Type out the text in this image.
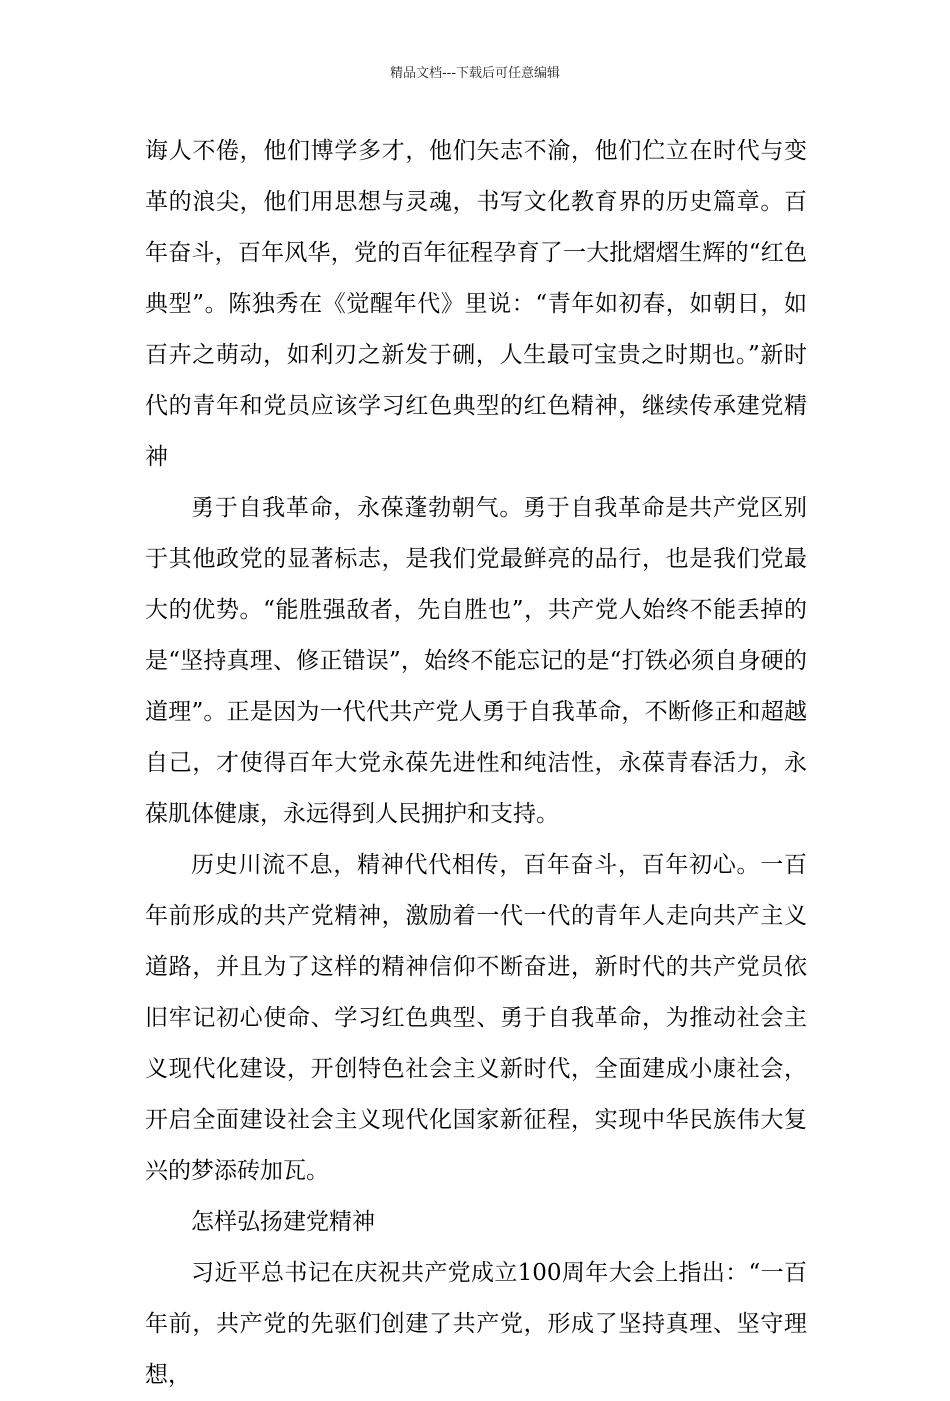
精品文档---下载后可任意编辑

诲人不倦，他们博学多才，他们矢志不渝，他们伫立在时代与变革的浪尖，他们用思想与灵魂，书写文化教育界的历史篇章。百年奋斗，百年风华，党的百年征程孕育了一大批熠熠生辉的“红色典型”。陈独秀在《觉醒年代》里说：“青年如初春，如朝日，如百卉之萌动，如利刃之新发于硎，人生最可宝贵之时期也。”新时代的青年和党员应该学习红色典型的红色精神，继续传承建党精神

勇于自我革命，永葆蓬勃朝气。勇于自我革命是共产党区别于其他政党的显著标志，是我们党最鲜亮的品行，也是我们党最大的优势。“能胜强敌者，先自胜也”，共产党人始终不能丢掉的是“坚持真理、修正错误”，始终不能忘记的是“打铁必须自身硬的道理”。正是因为一代代共产党人勇于自我革命，不断修正和超越自己，才使得百年大党永葆先进性和纯洁性，永葆青春活力，永葆肌体健康，永远得到人民拥护和支持。

历史川流不息，精神代代相传，百年奋斗，百年初心。一百年前形成的共产党精神，激励着一代一代的青年人走向共产主义道路，并且为了这样的精神信仰不断奋进，新时代的共产党员依旧牢记初心使命、学习红色典型、勇于自我革命，为推动社会主义现代化建设，开创特色社会主义新时代，全面建成小康社会，开启全面建设社会主义现代化国家新征程，实现中华民族伟大复兴的梦添砖加瓦。

怎样弘扬建党精神

习近平总书记在庆祝共产党成立100周年大会上指出：“一百年前，共产党的先驱们创建了共产党，形成了坚持真理、坚守理想，
